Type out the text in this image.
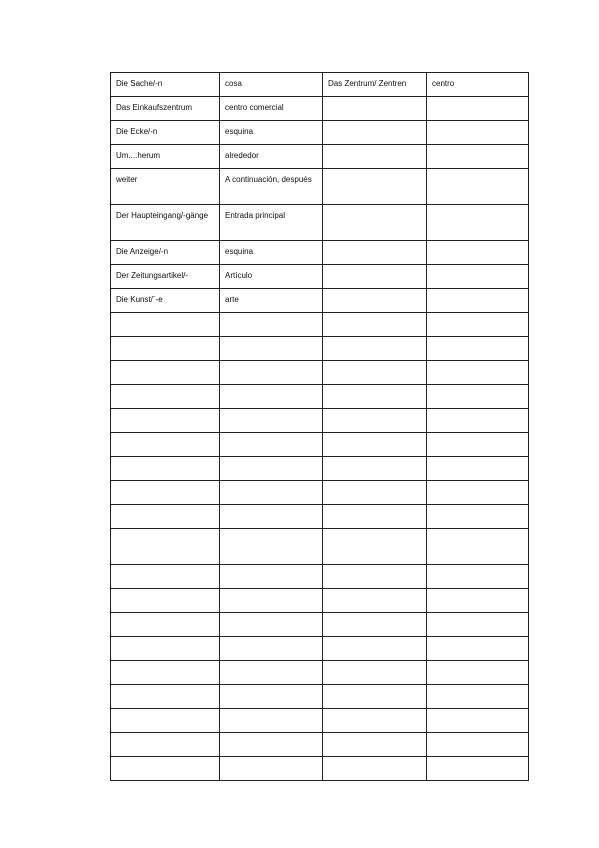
Die Sache/-n	cosa	Das Zentrum/ Zentren	centro
Das Einkaufszentrum	centro comercial		
Die Ecke/-n	esquina		
Um....herum	alrededor		
weiter	A continuación, después		
Der Haupteingang/-gänge	Entrada principal		
Die Anzeige/-n	esquina		
Der Zeitungsartikel/-	Artículo		
Die Kunst/¨-e	arte		
